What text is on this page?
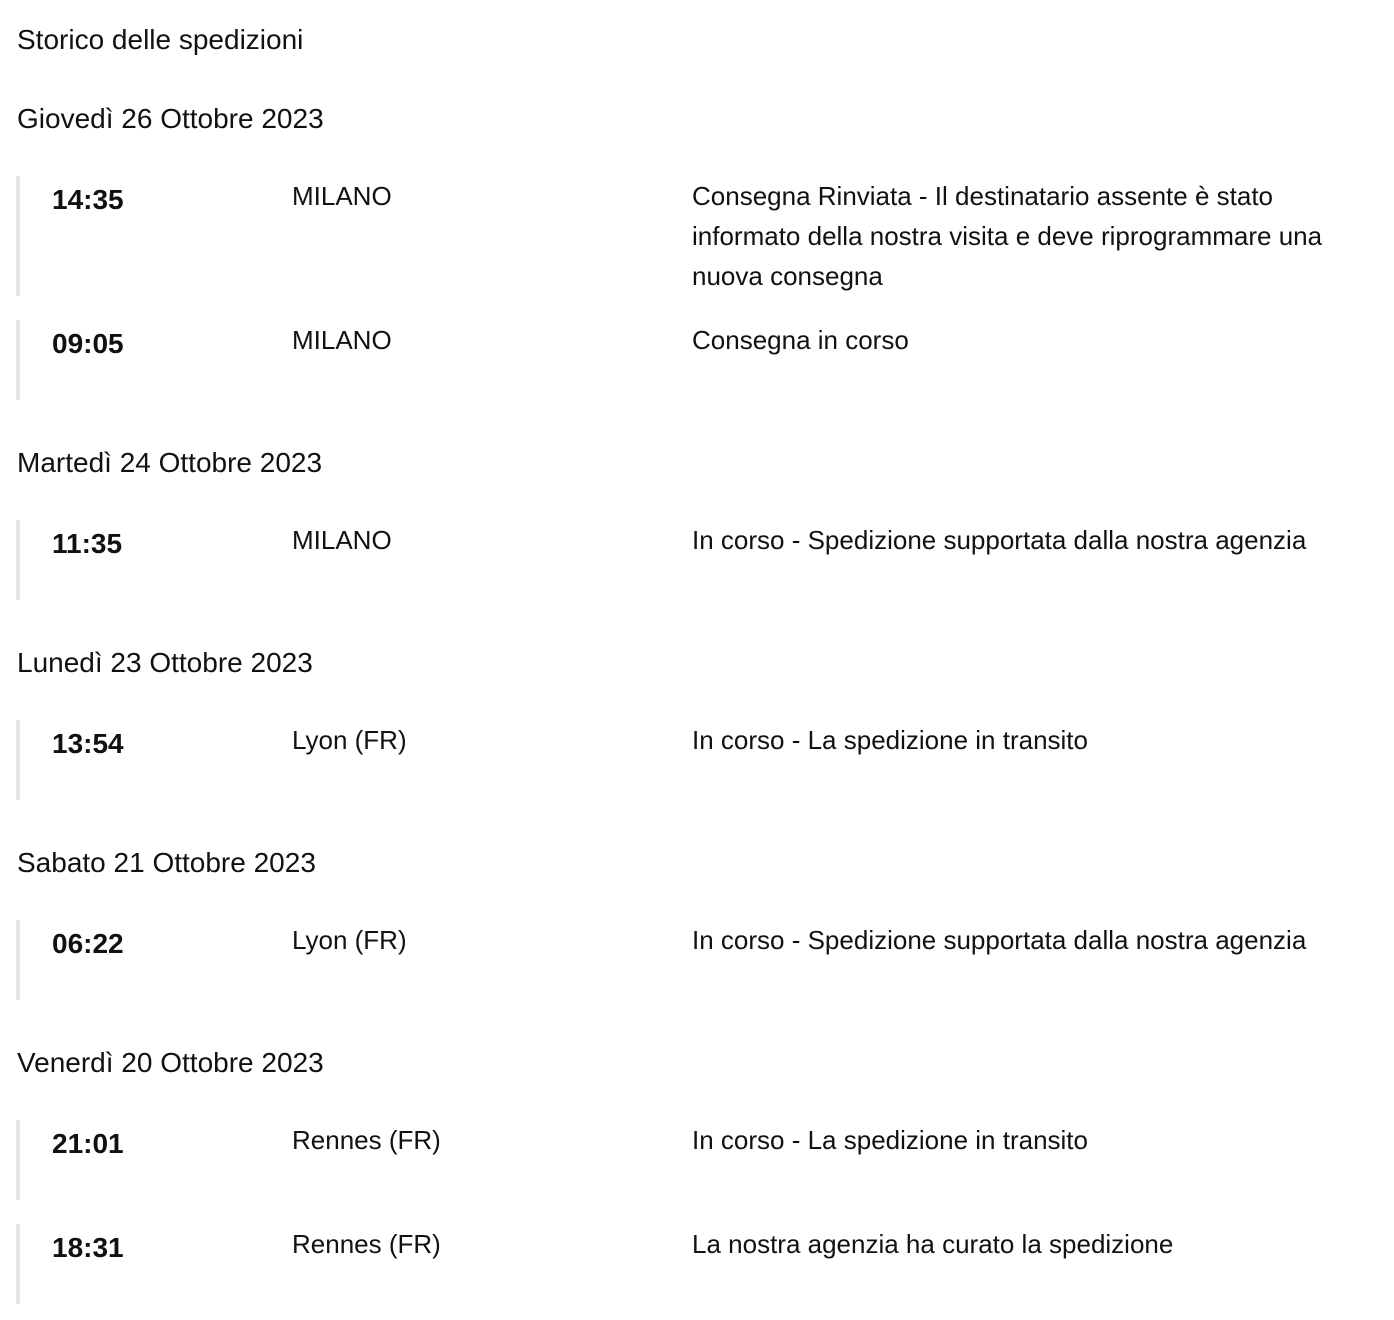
Storico delle spedizioni
Giovedì 26 Ottobre 2023
14:35	MILANO	Consegna Rinviata - Il destinatario assente è stato informato della nostra visita e deve riprogrammare una nuova consegna
09:05	MILANO	Consegna in corso
Martedì 24 Ottobre 2023
11:35	MILANO	In corso - Spedizione supportata dalla nostra agenzia
Lunedì 23 Ottobre 2023
13:54	Lyon (FR)	In corso - La spedizione in transito
Sabato 21 Ottobre 2023
06:22	Lyon (FR)	In corso - Spedizione supportata dalla nostra agenzia
Venerdì 20 Ottobre 2023
21:01	Rennes (FR)	In corso - La spedizione in transito
18:31	Rennes (FR)	La nostra agenzia ha curato la spedizione
